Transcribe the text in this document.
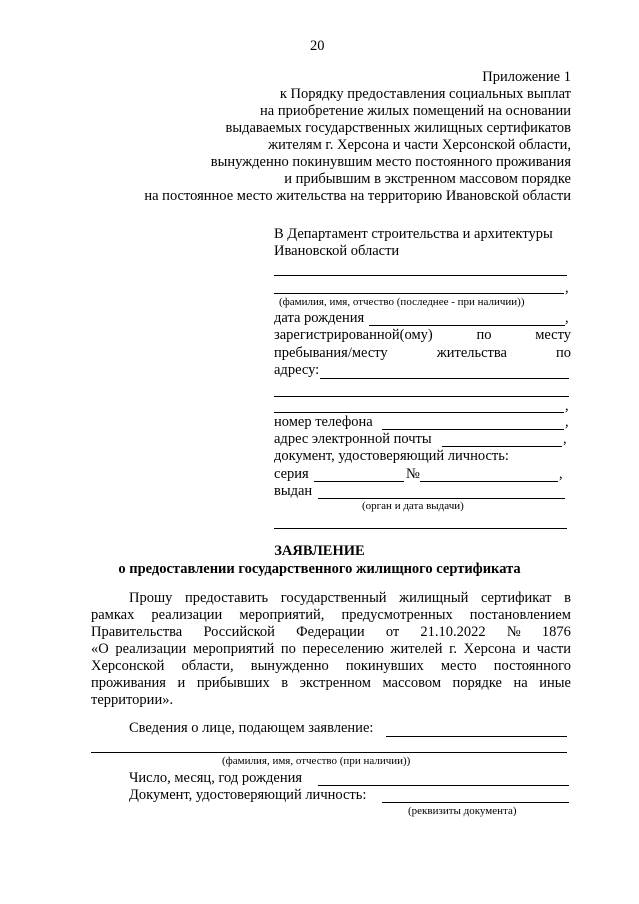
20
Приложение 1
к Порядку предоставления социальных выплат
на приобретение жилых помещений на основании
выдаваемых государственных жилищных сертификатов
жителям г. Херсона и части Херсонской области,
вынужденно покинувшим место постоянного проживания
и прибывшим в экстренном массовом порядке
на постоянное место жительства на территорию Ивановской области
В Департамент строительства и архитектуры
Ивановской области
,
(фамилия, имя, отчество (последнее - при наличии))
дата рождения	,
зарегистрированной(ому)	по	месту
пребывания/месту	жительства	по
адресу:
,
номер телефона	,
адрес электронной почты	,
документ, удостоверяющий личность:
серия	№	,
выдан
(орган и дата выдачи)
ЗАЯВЛЕНИЕ
о предоставлении государственного жилищного сертификата
Прошу предоставить государственный жилищный сертификат в
рамках реализации мероприятий, предусмотренных постановлением
Правительства Российской Федерации от 21.10.2022 № 1876
«О реализации мероприятий по переселению жителей г. Херсона и части
Херсонской области, вынужденно покинувших место постоянного
проживания и прибывших в экстренном массовом порядке на иные
территории».
Сведения о лице, подающем заявление:
(фамилия, имя, отчество (при наличии))
Число, месяц, год рождения
Документ, удостоверяющий личность:
(реквизиты документа)
